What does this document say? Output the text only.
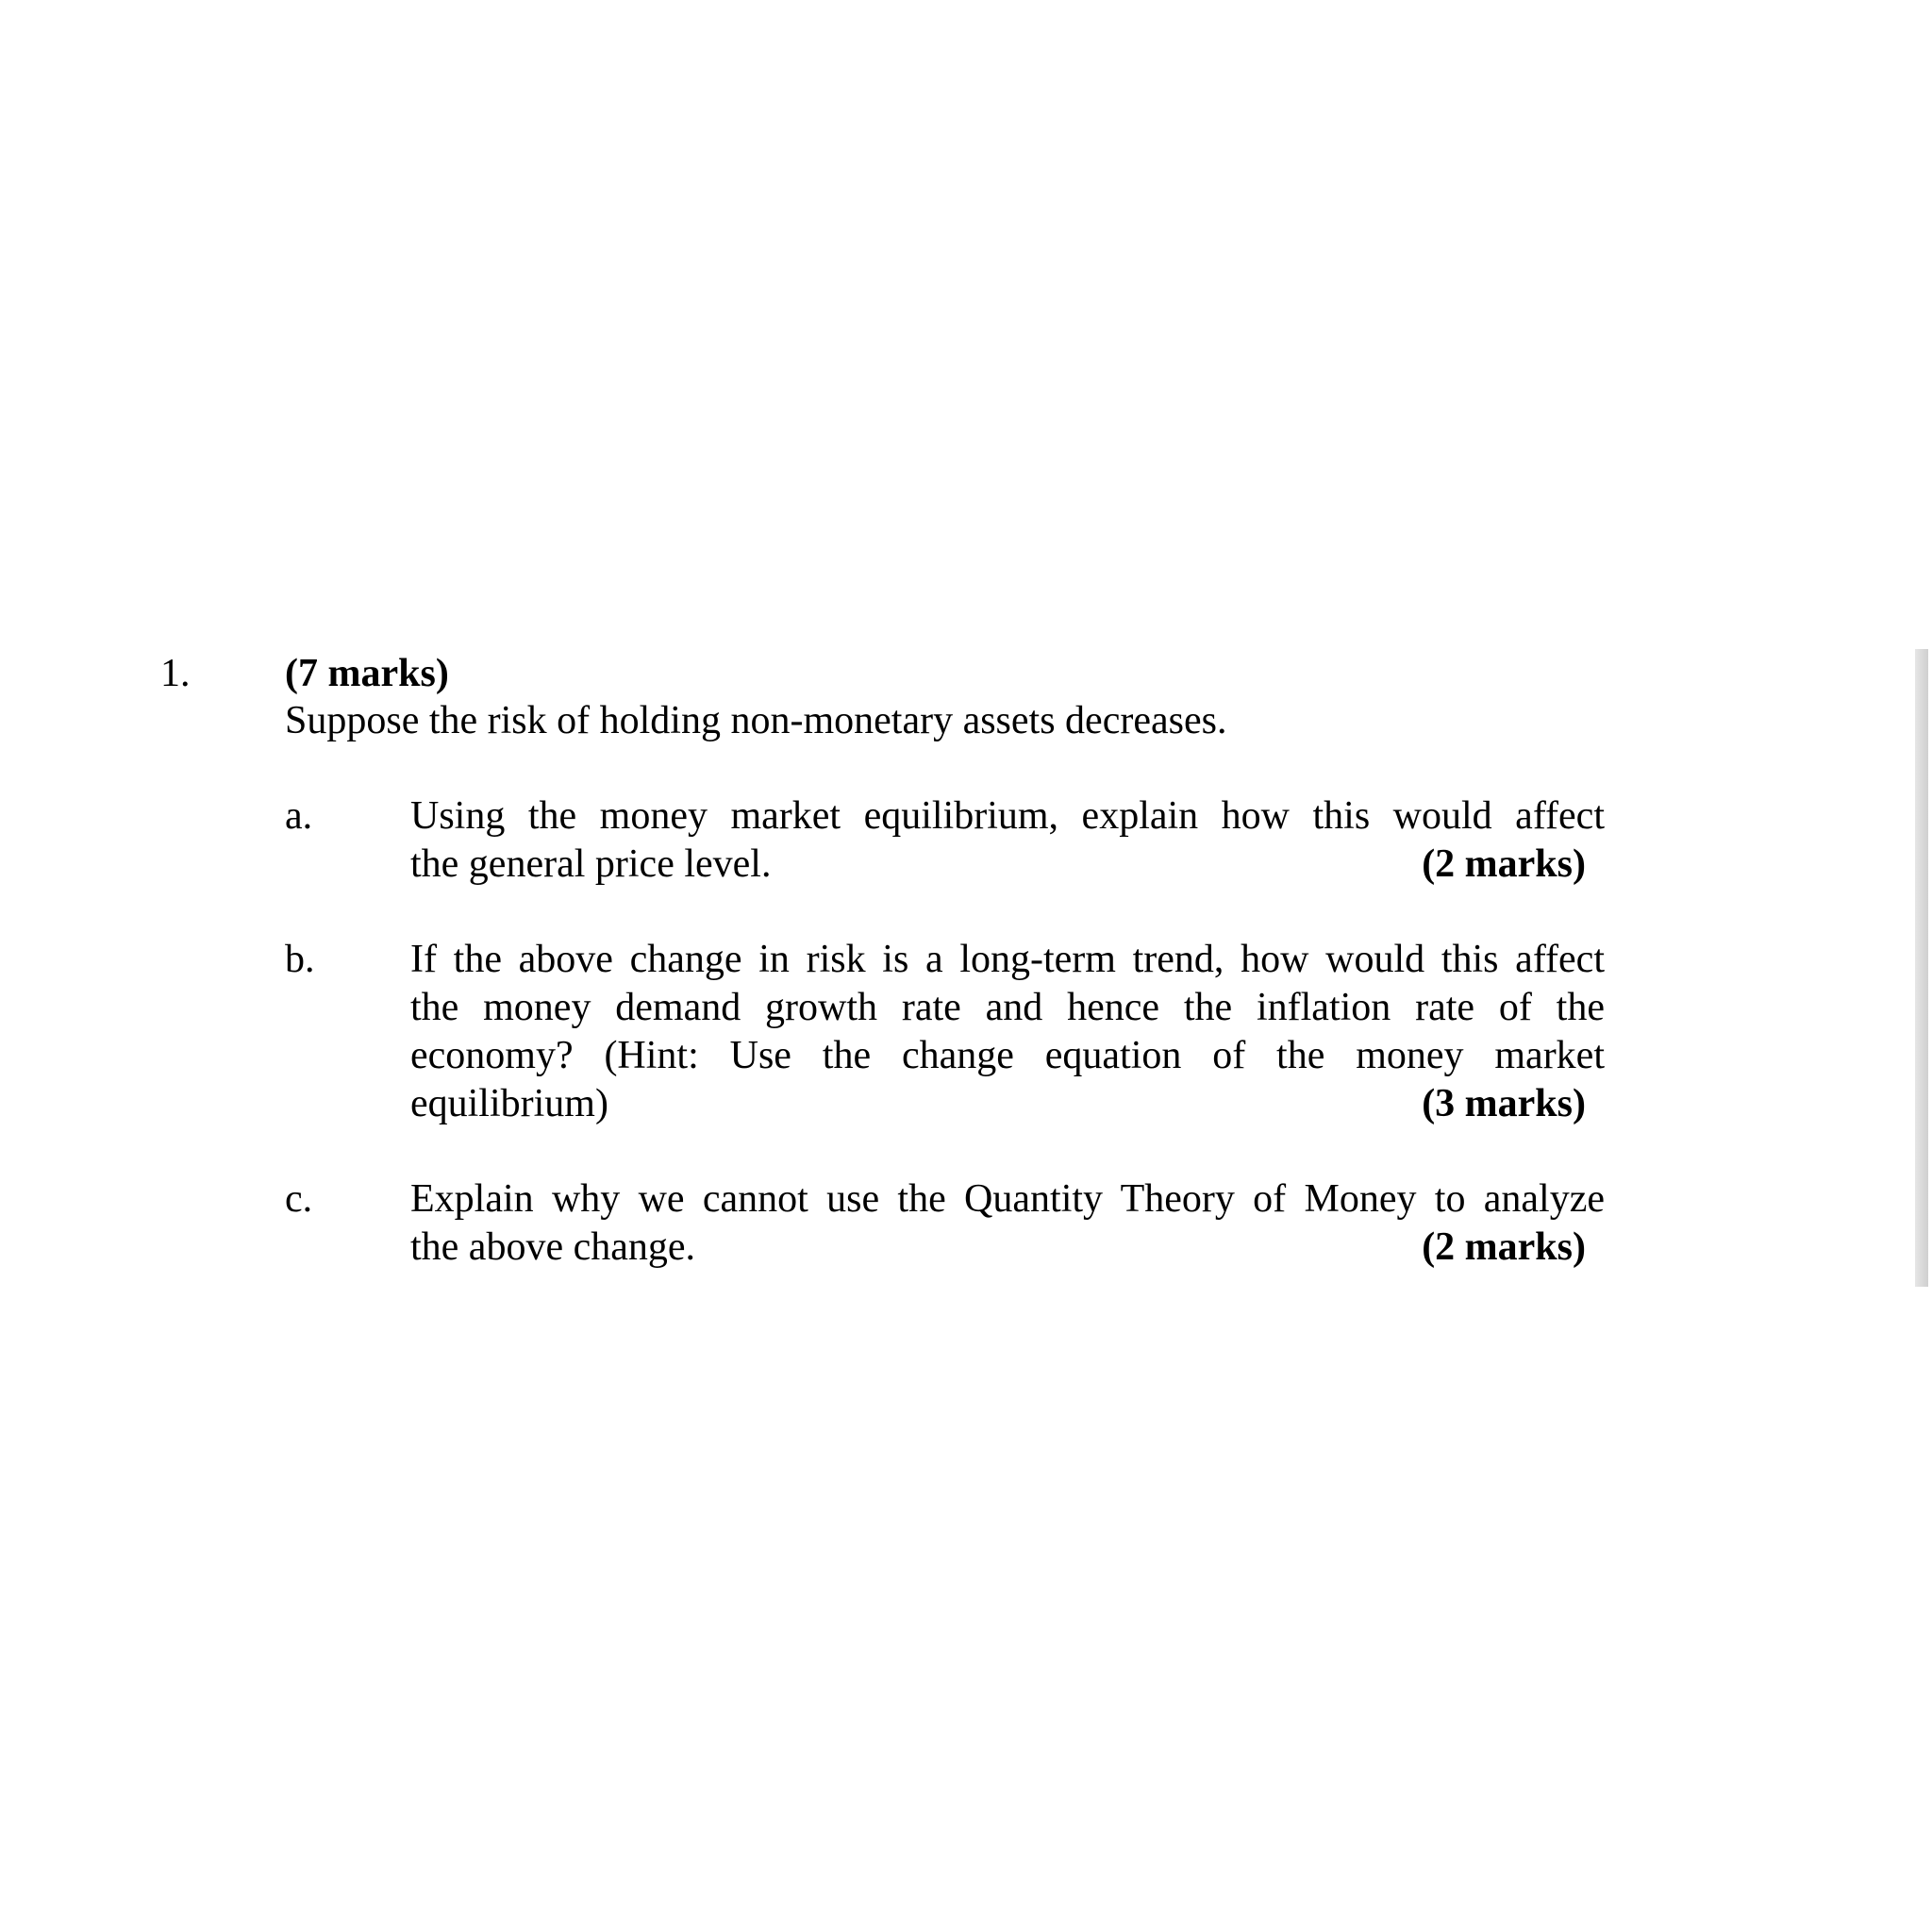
1. (7 marks)
Suppose the risk of holding non-monetary assets decreases.
a. Using the money market equilibrium, explain how this would affect

the general price level.	(2 marks)

b. If the above change in risk is a long-term trend, how would this affect

the money demand growth rate and hence the inflation rate of the

economy? (Hint: Use the change equation of the money market

equilibrium)	(3 marks)

c. Explain why we cannot use the Quantity Theory of Money to analyze

the above change.	(2 marks)
